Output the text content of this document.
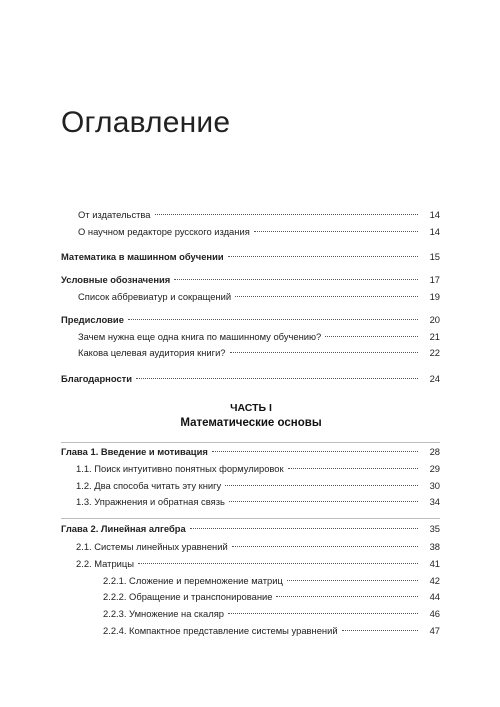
Оглавление
От издательства	14
О научном редакторе русского издания	14
Математика в машинном обучении	15
Условные обозначения	17
Список аббревиатур и сокращений	19
Предисловие	20
Зачем нужна еще одна книга по машинному обучению?	21
Какова целевая аудитория книги?	22
Благодарности	24
ЧАСТЬ I
Математические основы
Глава 1. Введение и мотивация	28
1.1. Поиск интуитивно понятных формулировок	29
1.2. Два способа читать эту книгу	30
1.3. Упражнения и обратная связь	34
Глава 2. Линейная алгебра	35
2.1. Системы линейных уравнений	38
2.2. Матрицы	41
2.2.1. Сложение и перемножение матриц	42
2.2.2. Обращение и транспонирование	44
2.2.3. Умножение на скаляр	46
2.2.4. Компактное представление системы уравнений	47
